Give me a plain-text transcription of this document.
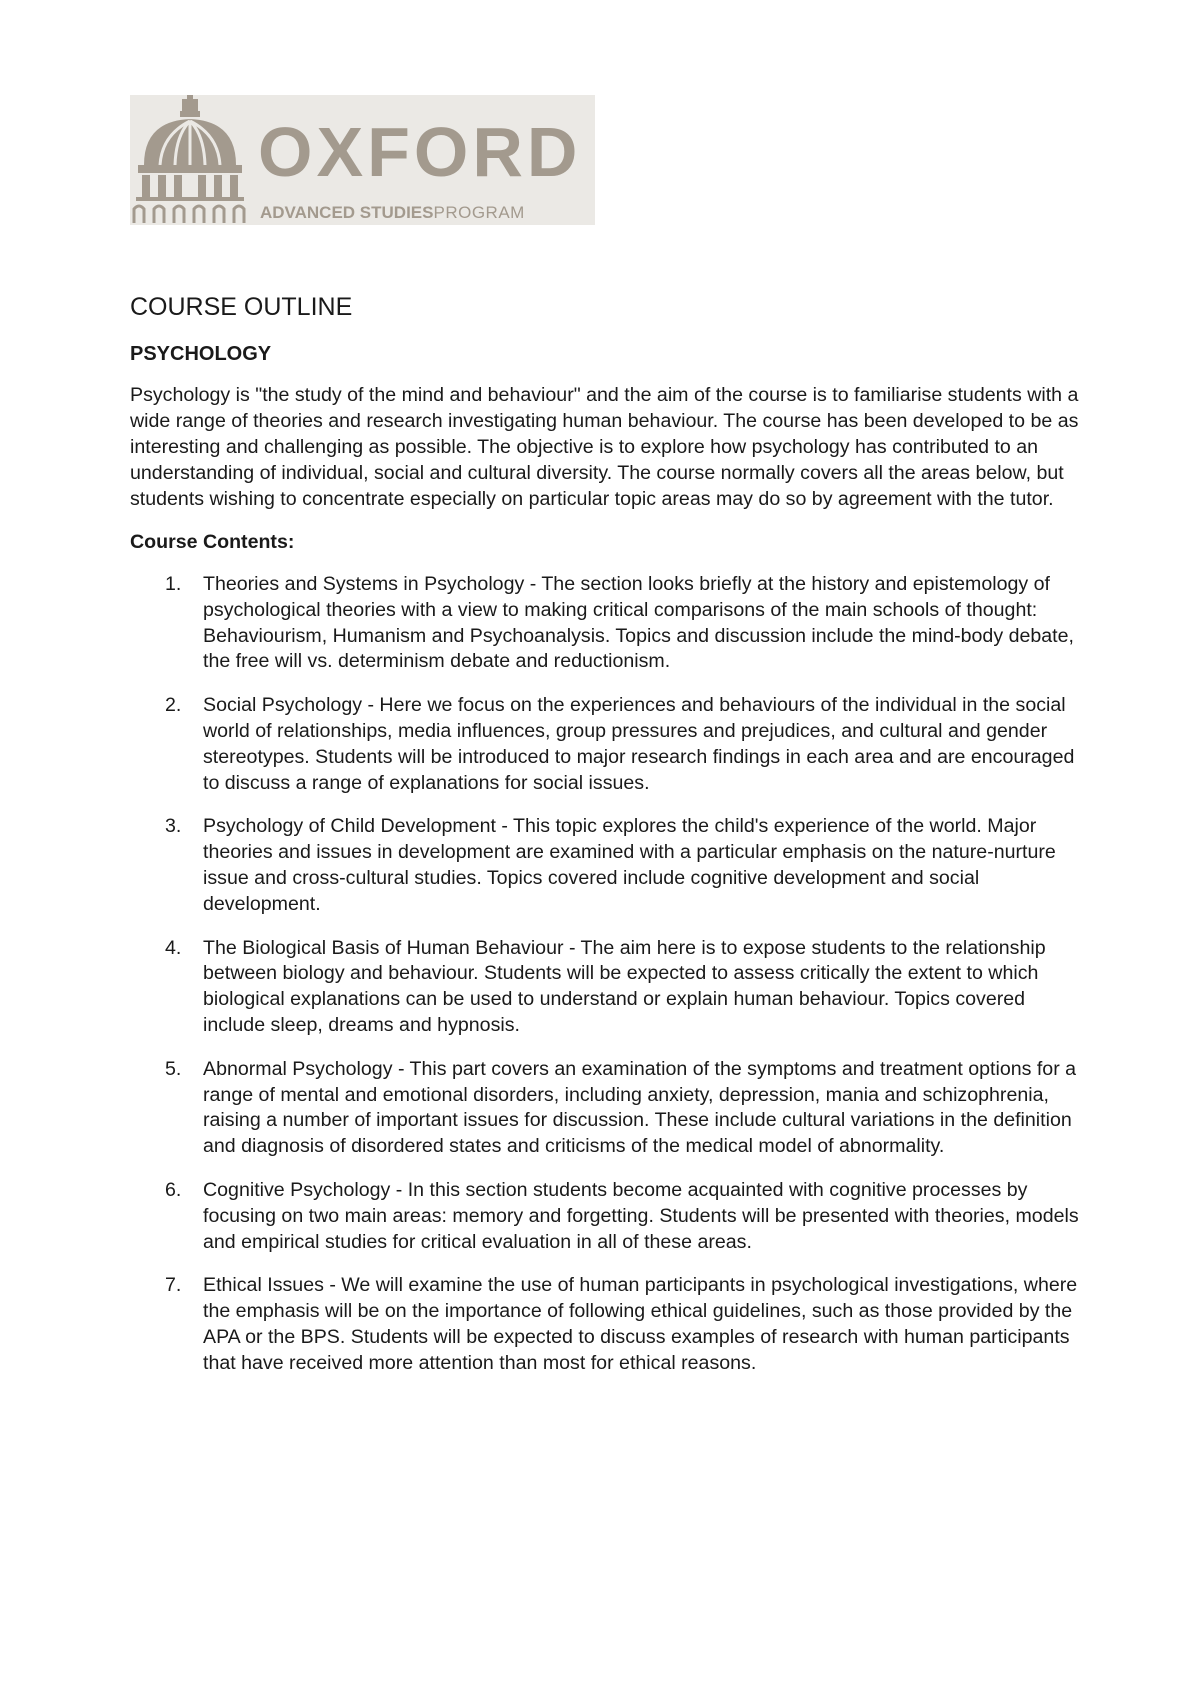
OXFORD
ADVANCED STUDIESPROGRAM
COURSE OUTLINE
PSYCHOLOGY

Psychology is "the study of the mind and behaviour" and the aim of the course is to familiarise students with a wide range of theories and research investigating human behaviour. The course has been developed to be as interesting and challenging as possible. The objective is to explore how psychology has contributed to an understanding of individual, social and cultural diversity. The course normally covers all the areas below, but students wishing to concentrate especially on particular topic areas may do so by agreement with the tutor.

Course Contents:
1. Theories and Systems in Psychology - The section looks briefly at the history and epistemology of psychological theories with a view to making critical comparisons of the main schools of thought: Behaviourism, Humanism and Psychoanalysis. Topics and discussion include the mind-body debate, the free will vs. determinism debate and reductionism.
2. Social Psychology - Here we focus on the experiences and behaviours of the individual in the social world of relationships, media influences, group pressures and prejudices, and cultural and gender stereotypes. Students will be introduced to major research findings in each area and are encouraged to discuss a range of explanations for social issues.
3. Psychology of Child Development - This topic explores the child's experience of the world. Major theories and issues in development are examined with a particular emphasis on the nature-nurture issue and cross-cultural studies. Topics covered include cognitive development and social development.
4. The Biological Basis of Human Behaviour - The aim here is to expose students to the relationship between biology and behaviour. Students will be expected to assess critically the extent to which biological explanations can be used to understand or explain human behaviour. Topics covered include sleep, dreams and hypnosis.
5. Abnormal Psychology - This part covers an examination of the symptoms and treatment options for a range of mental and emotional disorders, including anxiety, depression, mania and schizophrenia, raising a number of important issues for discussion. These include cultural variations in the definition and diagnosis of disordered states and criticisms of the medical model of abnormality.
6. Cognitive Psychology - In this section students become acquainted with cognitive processes by focusing on two main areas: memory and forgetting. Students will be presented with theories, models and empirical studies for critical evaluation in all of these areas.
7. Ethical Issues - We will examine the use of human participants in psychological investigations, where the emphasis will be on the importance of following ethical guidelines, such as those provided by the APA or the BPS. Students will be expected to discuss examples of research with human participants that have received more attention than most for ethical reasons.
